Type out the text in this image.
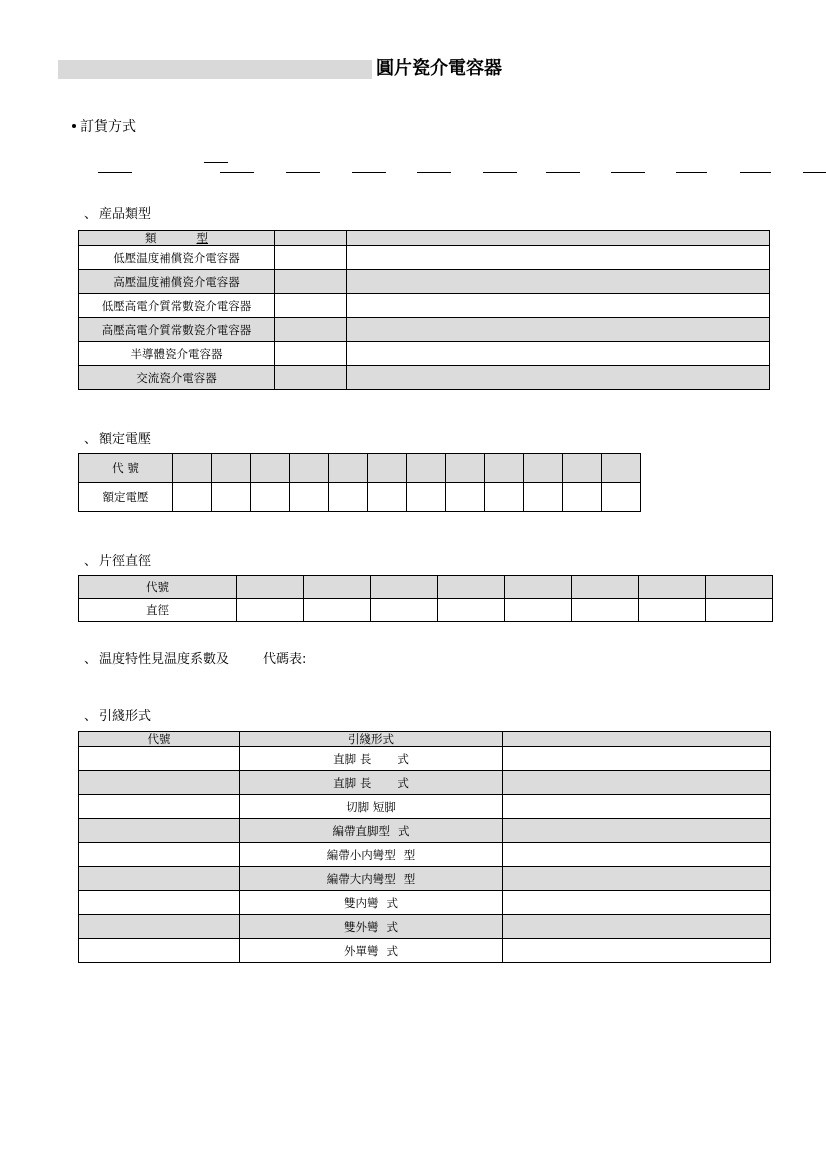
圓片瓷介電容器
訂貨方式
、産品類型
類 型		
低壓温度補償瓷介電容器		
高壓温度補償瓷介電容器		
低壓高電介質常數瓷介電容器		
高壓高電介質常數瓷介電容器		
半導體瓷介電容器		
交流瓷介電容器		
、額定電壓
代 號												
額定電壓												
、片徑直徑
代號								
直徑								
、温度特性見温度系數及	代碼表:
、引綫形式
代號	引綫形式	
	直脚 長 式	
	直脚 長 式	
	切脚 短脚	
	編帶直脚型 式	
	編帶小内彎型 型	
	編帶大内彎型 型	
	雙内彎 式	
	雙外彎 式	
	外單彎 式	
